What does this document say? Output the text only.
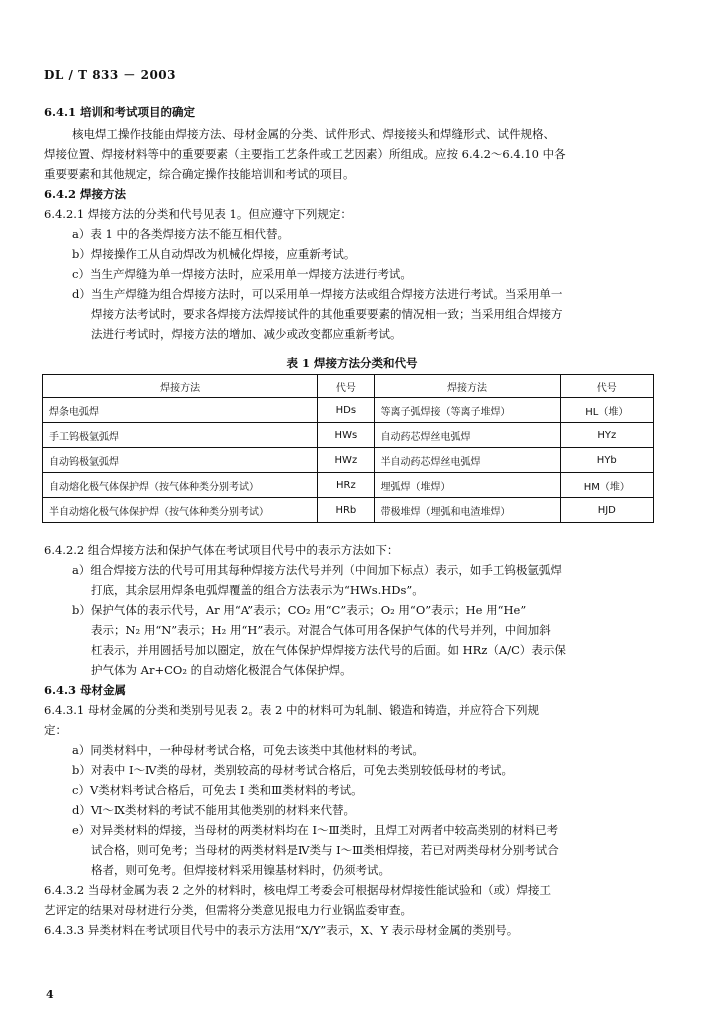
DL / T 833 － 2003
6.4.1 培训和考试项目的确定
核电焊工操作技能由焊接方法、母材金属的分类、试件形式、焊接接头和焊缝形式、试件规格、
焊接位置、焊接材料等中的重要要素（主要指工艺条件或工艺因素）所组成。应按 6.4.2～6.4.10 中各
重要要素和其他规定，综合确定操作技能培训和考试的项目。
6.4.2 焊接方法
6.4.2.1 焊接方法的分类和代号见表 1。但应遵守下列规定：
a）表 1 中的各类焊接方法不能互相代替。
b）焊接操作工从自动焊改为机械化焊接，应重新考试。
c）当生产焊缝为单一焊接方法时，应采用单一焊接方法进行考试。
d）当生产焊缝为组合焊接方法时，可以采用单一焊接方法或组合焊接方法进行考试。当采用单一
焊接方法考试时，要求各焊接方法焊接试件的其他重要要素的情况相一致；当采用组合焊接方
法进行考试时，焊接方法的增加、减少或改变都应重新考试。
表 1 焊接方法分类和代号
焊接方法	代号	焊接方法	代号
焊条电弧焊	HDs	等离子弧焊接（等离子堆焊）	HL（堆）
手工钨极氩弧焊	HWs	自动药芯焊丝电弧焊	HYz
自动钨极氩弧焊	HWz	半自动药芯焊丝电弧焊	HYb
自动熔化极气体保护焊（按气体种类分别考试）	HRz	埋弧焊（堆焊）	HM（堆）
半自动熔化极气体保护焊（按气体种类分别考试）	HRb	带极堆焊（埋弧和电渣堆焊）	HJD
6.4.2.2 组合焊接方法和保护气体在考试项目代号中的表示方法如下：
a）组合焊接方法的代号可用其每种焊接方法代号并列（中间加下标点）表示，如手工钨极氩弧焊
打底，其余层用焊条电弧焊覆盖的组合方法表示为“HWs.HDs”。
b）保护气体的表示代号，Ar 用“A”表示；CO₂ 用“C”表示；O₂ 用“O”表示；He 用“He”
表示；N₂ 用“N”表示；H₂ 用“H”表示。对混合气体可用各保护气体的代号并列，中间加斜
杠表示，并用圆括号加以圈定，放在气体保护焊焊接方法代号的后面。如 HRz（A/C）表示保
护气体为 Ar+CO₂ 的自动熔化极混合气体保护焊。
6.4.3 母材金属
6.4.3.1 母材金属的分类和类别号见表 2。表 2 中的材料可为轧制、锻造和铸造，并应符合下列规
定：
a）同类材料中，一种母材考试合格，可免去该类中其他材料的考试。
b）对表中 Ⅰ～Ⅳ类的母材，类别较高的母材考试合格后，可免去类别较低母材的考试。
c）Ⅴ类材料考试合格后，可免去 Ⅰ 类和Ⅲ类材料的考试。
d）Ⅵ～Ⅸ类材料的考试不能用其他类别的材料来代替。
e）对异类材料的焊接，当母材的两类材料均在 Ⅰ～Ⅲ类时，且焊工对两者中较高类别的材料已考
试合格，则可免考；当母材的两类材料是Ⅳ类与 Ⅰ～Ⅲ类相焊接，若已对两类母材分别考试合
格者，则可免考。但焊接材料采用镍基材料时，仍须考试。
6.4.3.2 当母材金属为表 2 之外的材料时，核电焊工考委会可根据母材焊接性能试验和（或）焊接工
艺评定的结果对母材进行分类，但需将分类意见报电力行业锅监委审查。
6.4.3.3 异类材料在考试项目代号中的表示方法用“X/Y”表示，X、Y 表示母材金属的类别号。
4
